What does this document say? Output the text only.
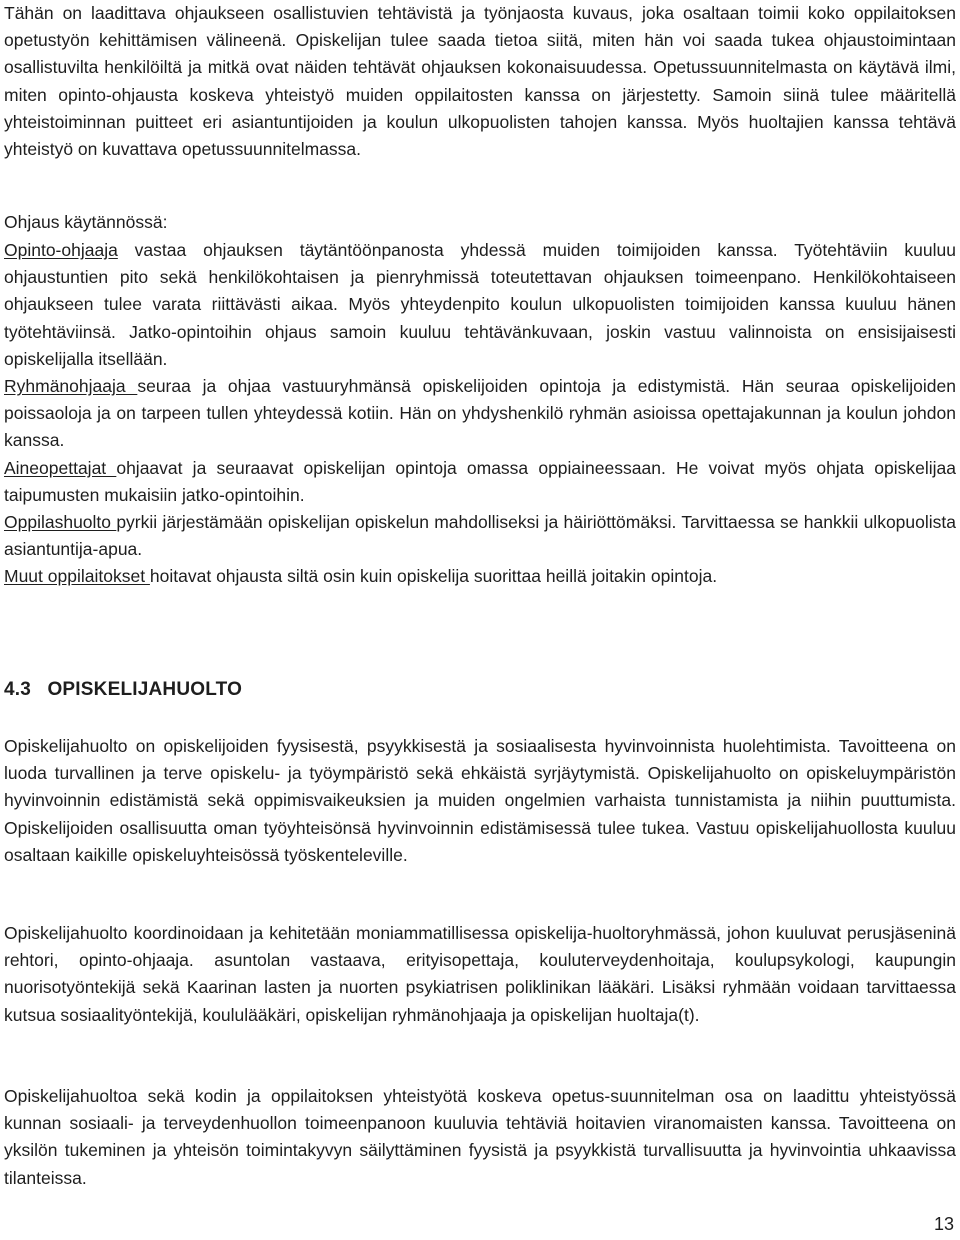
Tähän on laadittava ohjaukseen osallistuvien tehtävistä ja työnjaosta kuvaus, joka osaltaan toimii koko oppilaitoksen opetustyön kehittämisen välineenä. Opiskelijan tulee saada tietoa siitä, miten hän voi saada tukea ohjaustoimintaan osallistuvilta henkilöiltä ja mitkä ovat näiden tehtävät ohjauksen kokonaisuudessa. Opetussuunnitelmasta on käytävä ilmi, miten opinto-ohjausta koskeva yhteistyö muiden oppilaitosten kanssa on järjestetty. Samoin siinä tulee määritellä yhteistoiminnan puitteet eri asiantuntijoiden ja koulun ulkopuolisten tahojen kanssa. Myös huoltajien kanssa tehtävä yhteistyö on kuvattava opetussuunnitelmassa.

Ohjaus käytännössä:

Opinto-ohjaaja vastaa ohjauksen täytäntöönpanosta yhdessä muiden toimijoiden kanssa. Työtehtäviin kuuluu ohjaustuntien pito sekä henkilökohtaisen ja pienryhmissä toteutettavan ohjauksen toimeenpano. Henkilökohtaiseen ohjaukseen tulee varata riittävästi aikaa. Myös yhteydenpito koulun ulkopuolisten toimijoiden kanssa kuuluu hänen työtehtäviinsä. Jatko-opintoihin ohjaus samoin kuuluu tehtävänkuvaan, joskin vastuu valinnoista on ensisijaisesti opiskelijalla itsellään.

Ryhmänohjaaja seuraa ja ohjaa vastuuryhmänsä opiskelijoiden opintoja ja edistymistä. Hän seuraa opiskelijoiden poissaoloja ja on tarpeen tullen yhteydessä kotiin. Hän on yhdyshenkilö ryhmän asioissa opettajakunnan ja koulun johdon kanssa.

Aineopettajat ohjaavat ja seuraavat opiskelijan opintoja omassa oppiaineessaan. He voivat myös ohjata opiskelijaa taipumusten mukaisiin jatko-opintoihin.

Oppilashuolto pyrkii järjestämään opiskelijan opiskelun mahdolliseksi ja häiriöttömäksi. Tarvittaessa se hankkii ulkopuolista asiantuntija-apua.

Muut oppilaitokset hoitavat ohjausta siltä osin kuin opiskelija suorittaa heillä joitakin opintoja.

4.3   OPISKELIJAHUOLTO

Opiskelijahuolto on opiskelijoiden fyysisestä, psyykkisestä ja sosiaalisesta hyvinvoinnista huolehtimista. Tavoitteena on luoda turvallinen ja terve opiskelu- ja työympäristö sekä ehkäistä syrjäytymistä. Opiskelijahuolto on opiskeluympäristön hyvinvoinnin edistämistä sekä oppimisvaikeuksien ja muiden ongelmien varhaista tunnistamista ja niihin puuttumista. Opiskelijoiden osallisuutta oman työyhteisönsä hyvinvoinnin edistämisessä tulee tukea. Vastuu opiskelijahuollosta kuuluu osaltaan kaikille opiskeluyhteisössä työskenteleville.

Opiskelijahuolto koordinoidaan ja kehitetään moniammatillisessa opiskelija-huoltoryhmässä, johon kuuluvat perusjäseninä rehtori, opinto-ohjaaja. asuntolan vastaava, erityisopettaja, kouluterveydenhoitaja, koulupsykologi, kaupungin nuorisotyöntekijä sekä Kaarinan lasten ja nuorten psykiatrisen poliklinikan lääkäri. Lisäksi ryhmään voidaan tarvittaessa kutsua sosiaalityöntekijä, koululääkäri, opiskelijan ryhmänohjaaja ja opiskelijan huoltaja(t).

Opiskelijahuoltoa sekä kodin ja oppilaitoksen yhteistyötä koskeva opetus-suunnitelman osa on laadittu yhteistyössä kunnan sosiaali- ja terveydenhuollon toimeenpanoon kuuluvia tehtäviä hoitavien viranomaisten kanssa. Tavoitteena on yksilön tukeminen ja yhteisön toimintakyvyn säilyttäminen fyysistä ja psyykkistä turvallisuutta ja hyvinvointia uhkaavissa tilanteissa.

13
